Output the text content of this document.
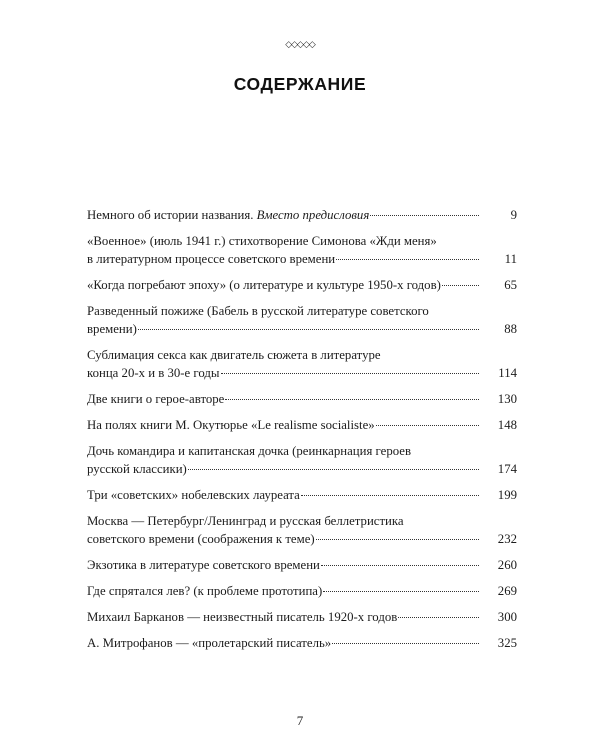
◇◇◇◇◇
СОДЕРЖАНИЕ
Немного об истории названия. Вместо предисловия	9
«Военное» (июль 1941 г.) стихотворение Симонова «Жди меня»
в литературном процессе советского времени	11
«Когда погребают эпоху» (о литературе и культуре 1950-х годов)	65
Разведенный пожиже (Бабель в русской литературе советского
времени)	88
Сублимация секса как двигатель сюжета в литературе
конца 20-х и в 30-е годы	114
Две книги о герое-авторе	130
На полях книги М. Окутюрье «Le realisme socialiste»	148
Дочь командира и капитанская дочка (реинкарнация героев
русской классики)	174
Три «советских» нобелевских лауреата	199
Москва — Петербург/Ленинград и русская беллетристика
советского времени (соображения к теме)	232
Экзотика в литературе советского времени	260
Где спрятался лев? (к проблеме прототипа)	269
Михаил Барканов — неизвестный писатель 1920-х годов	300
А. Митрофанов — «пролетарский писатель»	325
7
